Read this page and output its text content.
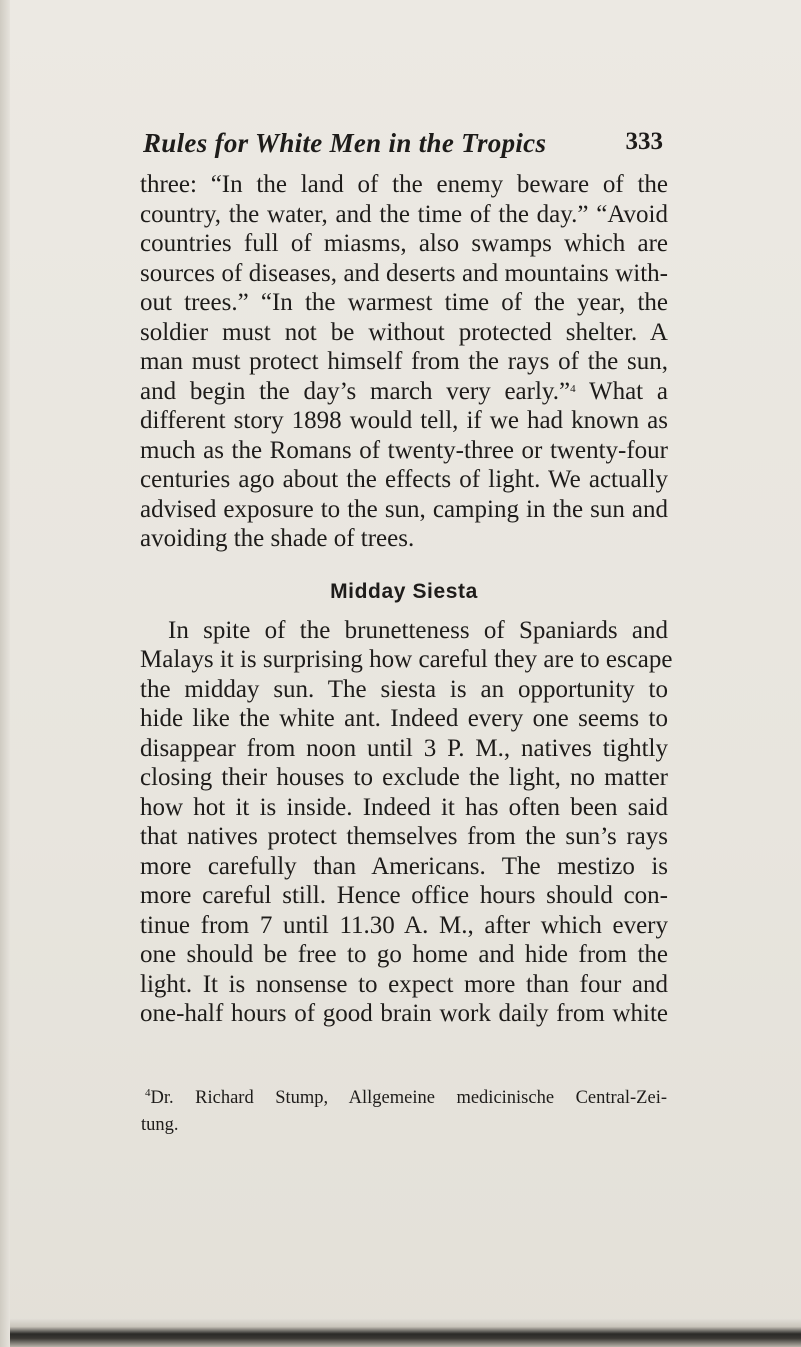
Rules for White Men in the Tropics	333
three: “In the land of the enemy beware of the
country, the water, and the time of the day.” “Avoid
countries full of miasms, also swamps which are
sources of diseases, and deserts and mountains with-
out trees.” “In the warmest time of the year, the
soldier must not be without protected shelter. A
man must protect himself from the rays of the sun,
and begin the day’s march very early.”$^4$ What a
different story 1898 would tell, if we had known as
much as the Romans of twenty-three or twenty-four
centuries ago about the effects of light. We actually
advised exposure to the sun, camping in the sun and
avoiding the shade of trees.
Midday Siesta
In spite of the brunetteness of Spaniards and
Malays it is surprising how careful they are to escape
the midday sun. The siesta is an opportunity to
hide like the white ant. Indeed every one seems to
disappear from noon until 3 P. M., natives tightly
closing their houses to exclude the light, no matter
how hot it is inside. Indeed it has often been said
that natives protect themselves from the sun’s rays
more carefully than Americans. The mestizo is
more careful still. Hence office hours should con-
tinue from 7 until 11.30 A. M., after which every
one should be free to go home and hide from the
light. It is nonsense to expect more than four and
one-half hours of good brain work daily from white
$^4$Dr. Richard Stump, Allgemeine medicinische Central-Zei-
tung.
